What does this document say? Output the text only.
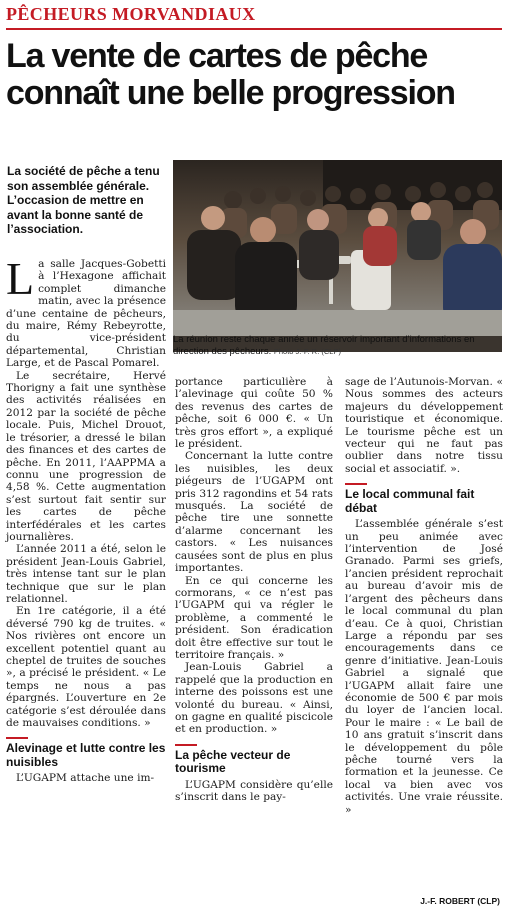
PÊCHEURS MORVANDIAUX
La vente de cartes de pêche
connaît une belle progression
La société de pêche a tenu son assemblée générale. L’occasion de mettre en avant la bonne santé de l’association.
La réunion reste chaque année un réservoir important d’informations en direction des pêcheurs. Photo J.-F. R. (CLP)

La salle Jacques-Gobetti à l’Hexagone affichait complet dimanche matin, avec la présence d’une centaine de pêcheurs, du maire, Rémy Rebeyrotte, du vice-président départemental, Christian Large, et de Pascal Pomarel.

Le secrétaire, Hervé Thorigny a fait une synthèse des activités réalisées en 2012 par la société de pêche locale. Puis, Michel Drouot, le trésorier, a dressé le bilan des finances et des cartes de pêche. En 2011, l’AAPPMA a connu une progression de 4,58 %. Cette augmentation s’est surtout fait sentir sur les cartes de pêche interfédérales et les cartes journalières.

L’année 2011 a été, selon le président Jean-Louis Gabriel, très intense tant sur le plan technique que sur le plan relationnel.

En 1re catégorie, il a été déversé 790 kg de truites. « Nos rivières ont encore un excellent potentiel quant au cheptel de truites de souches », a précisé le président. « Le temps ne nous a pas épargnés. L’ouverture en 2e catégorie s’est déroulée dans de mauvaises conditions. »

Alevinage et lutte contre les nuisibles

L’UGAPM attache une im-

portance particulière à l’alevinage qui coûte 50 % des revenus des cartes de pêche, soit 6 000 €. « Un très gros effort », a expliqué le président.

Concernant la lutte contre les nuisibles, les deux piégeurs de l’UGAPM ont pris 312 ragondins et 54 rats musqués. La société de pêche tire une sonnette d’alarme concernant les castors. « Les nuisances causées sont de plus en plus importantes.

En ce qui concerne les cormorans, « ce n’est pas l’UGAPM qui va régler le problème, a commenté le président. Son éradication doit être effective sur tout le territoire français. »

Jean-Louis Gabriel a rappelé que la production en interne des poissons est une volonté du bureau. « Ainsi, on gagne en qualité piscicole et en production. »

La pêche vecteur de tourisme

L’UGAPM considère qu’elle s’inscrit dans le pay-

sage de l’Autunois-Morvan. « Nous sommes des acteurs majeurs du développement touristique et économique. Le tourisme pêche est un vecteur qui ne faut pas oublier dans notre tissu social et associatif. ».

Le local communal fait débat

L’assemblée générale s’est un peu animée avec l’intervention de José Granado. Parmi ses griefs, l’ancien président reprochait au bureau d’avoir mis de l’argent des pêcheurs dans le local communal du plan d’eau. Ce à quoi, Christian Large a répondu par ses encouragements dans ce genre d’initiative. Jean-Louis Gabriel a signalé que l’UGAPM allait faire une économie de 500 € par mois du loyer de l’ancien local. Pour le maire : « Le bail de 10 ans gratuit s’inscrit dans le développement du pôle pêche tourné vers la formation et la jeunesse. Ce local va bien avec vos activités. Une vraie réussite. »

J.-F. ROBERT (CLP)
